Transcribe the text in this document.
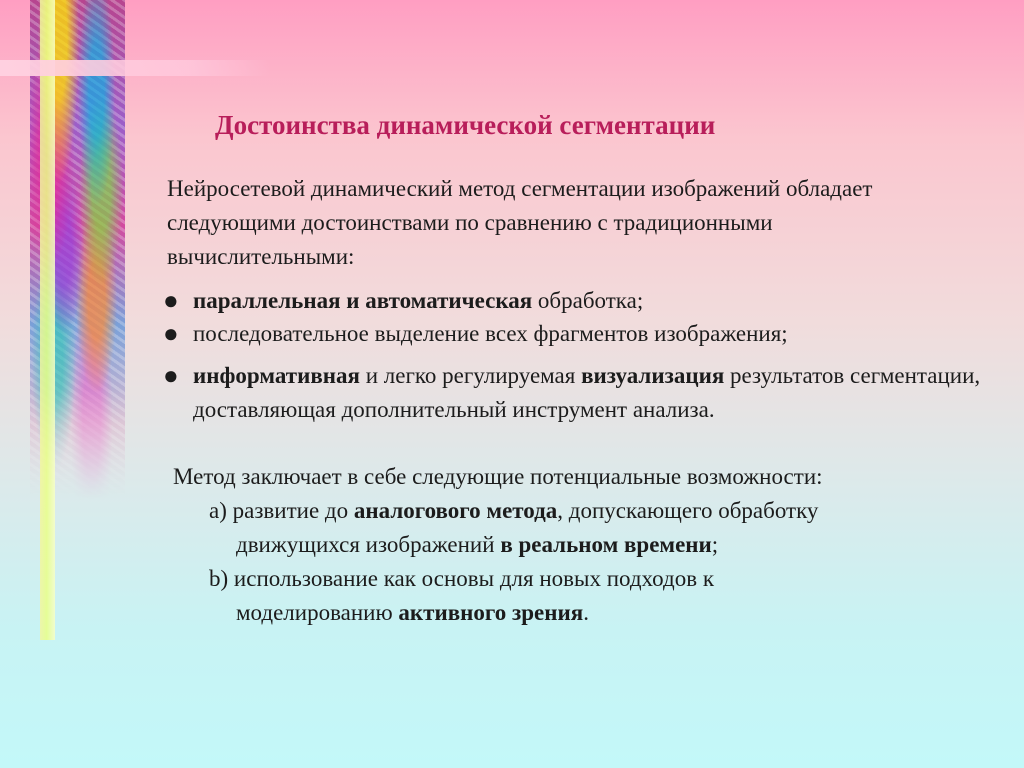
Достоинства динамической сегментации

Нейросетевой динамический метод сегментации изображений обладает следующими достоинствами по сравнению с традиционными вычислительными:

● параллельная и автоматическая обработка;
● последовательное выделение всех фрагментов изображения;
● информативная и легко регулируемая визуализация результатов сегментации, доставляющая дополнительный инструмент анализа.

Метод заключает в себе следующие потенциальные возможности:

a) развитие до аналогового метода, допускающего обработку
движущихся изображений в реальном времени;
b) использование как основы для новых подходов к
моделированию активного зрения.
